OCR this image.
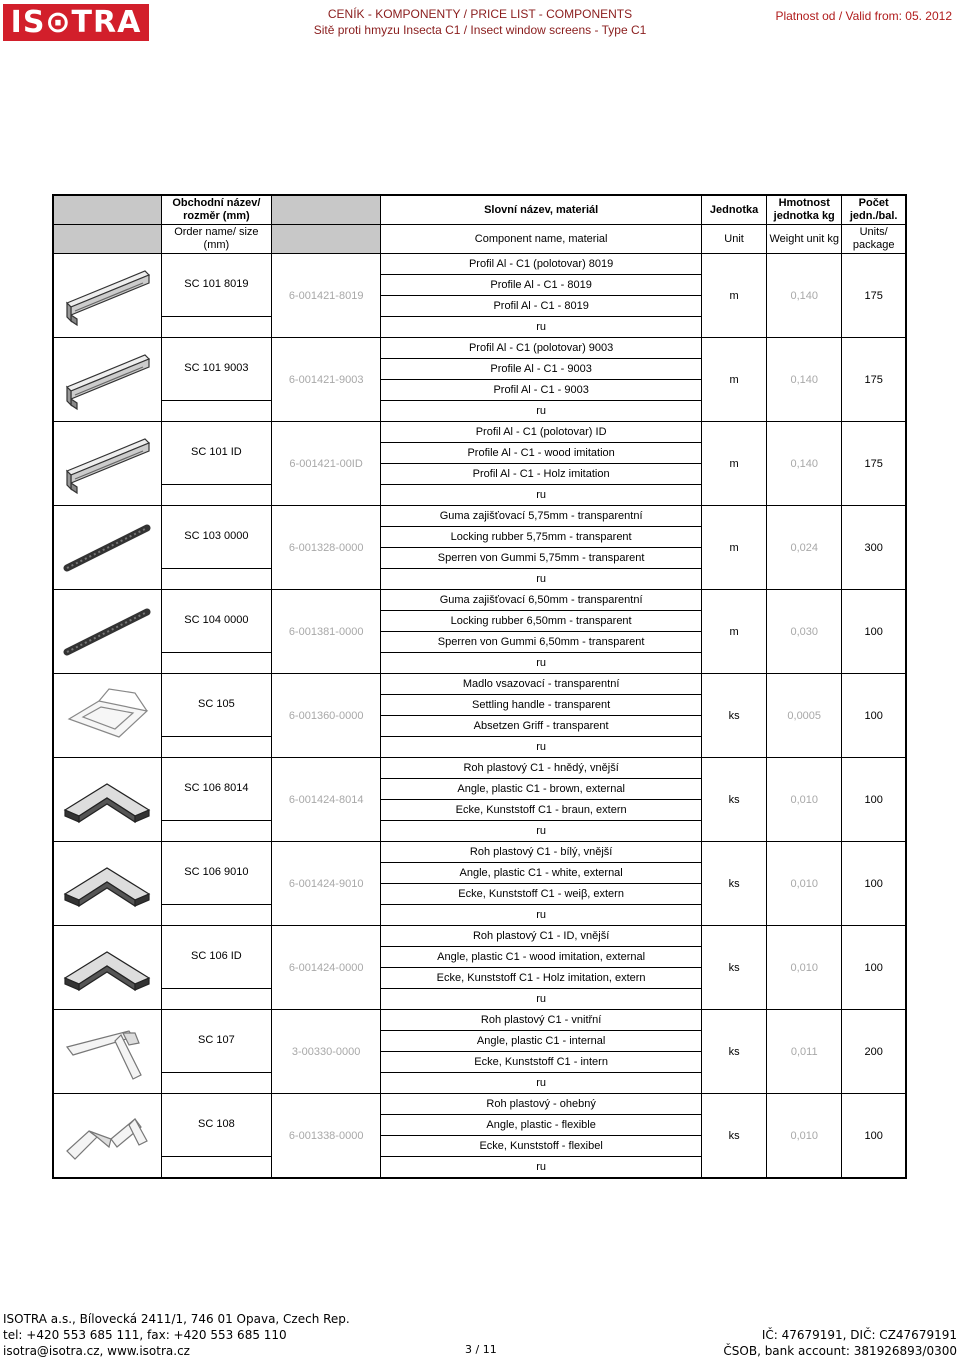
IS⊙TRA	CENÍK - KOMPONENTY / PRICE LIST - COMPONENTS
Sitě proti hmyzu Insecta C1 / Insect window screens - Type C1
Platnost od / Valid from: 05. 2012
Obrázek	Obchodní název/ rozměr (mm)	Kód	Slovní název, materiál	Jednotka	Hmotnost jednotka kg	Počet jedn./bal.
Picture	Order name/ size (mm)	Code	Component name, material	Unit	Weight unit kg	Units/ package

	SC 101 8019	6-001421-8019	Profil Al - C1 (polotovar) 8019	m	0,140	175
			Profile Al - C1 - 8019			
			Profil Al - C1 - 8019			
			ru			

	SC 101 9003	6-001421-9003	Profil Al - C1 (polotovar) 9003	m	0,140	175
			Profile Al - C1 - 9003			
			Profil Al - C1 - 9003			
			ru			

	SC 101 ID	6-001421-00ID	Profil Al - C1 (polotovar) ID	m	0,140	175
			Profile Al - C1 - wood imitation			
			Profil Al - C1 - Holz imitation			
			ru			

	SC 103 0000	6-001328-0000	Guma zajišťovací 5,75mm - transparentní	m	0,024	300
			Locking rubber 5,75mm - transparent			
			Sperren von Gummi 5,75mm - transparent			
			ru			

	SC 104 0000	6-001381-0000	Guma zajišťovací 6,50mm - transparentní	m	0,030	100
			Locking rubber 6,50mm - transparent			
			Sperren von Gummi 6,50mm - transparent			
			ru			

	SC 105	6-001360-0000	Madlo vsazovací - transparentní	ks	0,0005	100
			Settling handle - transparent			
			Absetzen Griff - transparent			
			ru			

	SC 106 8014	6-001424-8014	Roh plastový C1 - hnědý, vnější	ks	0,010	100
			Angle, plastic C1 - brown, external			
			Ecke, Kunststoff C1 - braun, extern			
			ru			

	SC 106 9010	6-001424-9010	Roh plastový C1 - bílý, vnější	ks	0,010	100
			Angle, plastic C1 - white, external			
			Ecke, Kunststoff C1 - weiβ, extern			
			ru			

	SC 106 ID	6-001424-0000	Roh plastový C1 - ID, vnější	ks	0,010	100
			Angle, plastic C1 - wood imitation, external			
			Ecke, Kunststoff C1 - Holz imitation, extern			
			ru			

	SC 107	3-00330-0000	Roh plastový C1 - vnitřní	ks	0,011	200
			Angle, plastic C1 - internal			
			Ecke, Kunststoff C1 - intern			
			ru			

	SC 108	6-001338-0000	Roh plastový - ohebný	ks	0,010	100
			Angle, plastic - flexible			
			Ecke, Kunststoff - flexibel			
			ru			
ISOTRA a.s., Bílovecká 2411/1, 746 01 Opava, Czech Rep.
tel: +420 553 685 111, fax: +420 553 685 110
isotra@isotra.cz, www.isotra.cz	3 / 11
IČ: 47679191, DIČ: CZ47679191
ČSOB, bank account: 381926893/0300
